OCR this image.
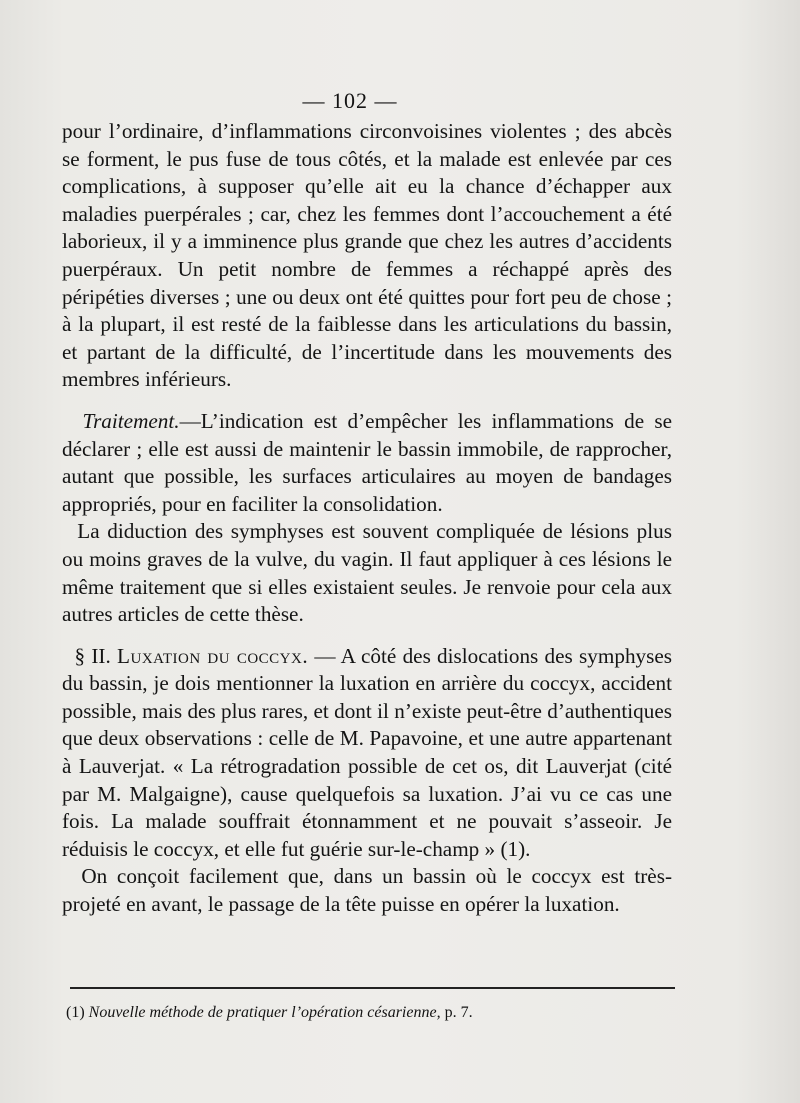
— 102 —

pour l’ordinaire, d’inflammations circonvoisines violentes ; des abcès se forment, le pus fuse de tous côtés, et la malade est enlevée par ces complications, à supposer qu’elle ait eu la chance d’échapper aux maladies puerpérales ; car, chez les femmes dont l’accouchement a été laborieux, il y a imminence plus grande que chez les autres d’accidents puerpéraux. Un petit nombre de femmes a réchappé après des péripéties diverses ; une ou deux ont été quittes pour fort peu de chose ; à la plupart, il est resté de la faiblesse dans les articulations du bassin, et partant de la difficulté, de l’incertitude dans les mouvements des membres inférieurs.

Traitement.—L’indication est d’empêcher les inflammations de se déclarer ; elle est aussi de maintenir le bassin immobile, de rapprocher, autant que possible, les surfaces articulaires au moyen de bandages appropriés, pour en faciliter la consolidation.

La diduction des symphyses est souvent compliquée de lésions plus ou moins graves de la vulve, du vagin. Il faut appliquer à ces lésions le même traitement que si elles existaient seules. Je renvoie pour cela aux autres articles de cette thèse.

§ II. Luxation du coccyx. — A côté des dislocations des symphyses du bassin, je dois mentionner la luxation en arrière du coccyx, accident possible, mais des plus rares, et dont il n’existe peut-être d’authentiques que deux observations : celle de M. Papavoine, et une autre appartenant à Lauverjat. « La rétrogradation possible de cet os, dit Lauverjat (cité par M. Malgaigne), cause quelquefois sa luxation. J’ai vu ce cas une fois. La malade souffrait étonnamment et ne pouvait s’asseoir. Je réduisis le coccyx, et elle fut guérie sur-le-champ » (1).

On conçoit facilement que, dans un bassin où le coccyx est très-projeté en avant, le passage de la tête puisse en opérer la luxation.

(1) Nouvelle méthode de pratiquer l’opération césarienne, p. 7.
